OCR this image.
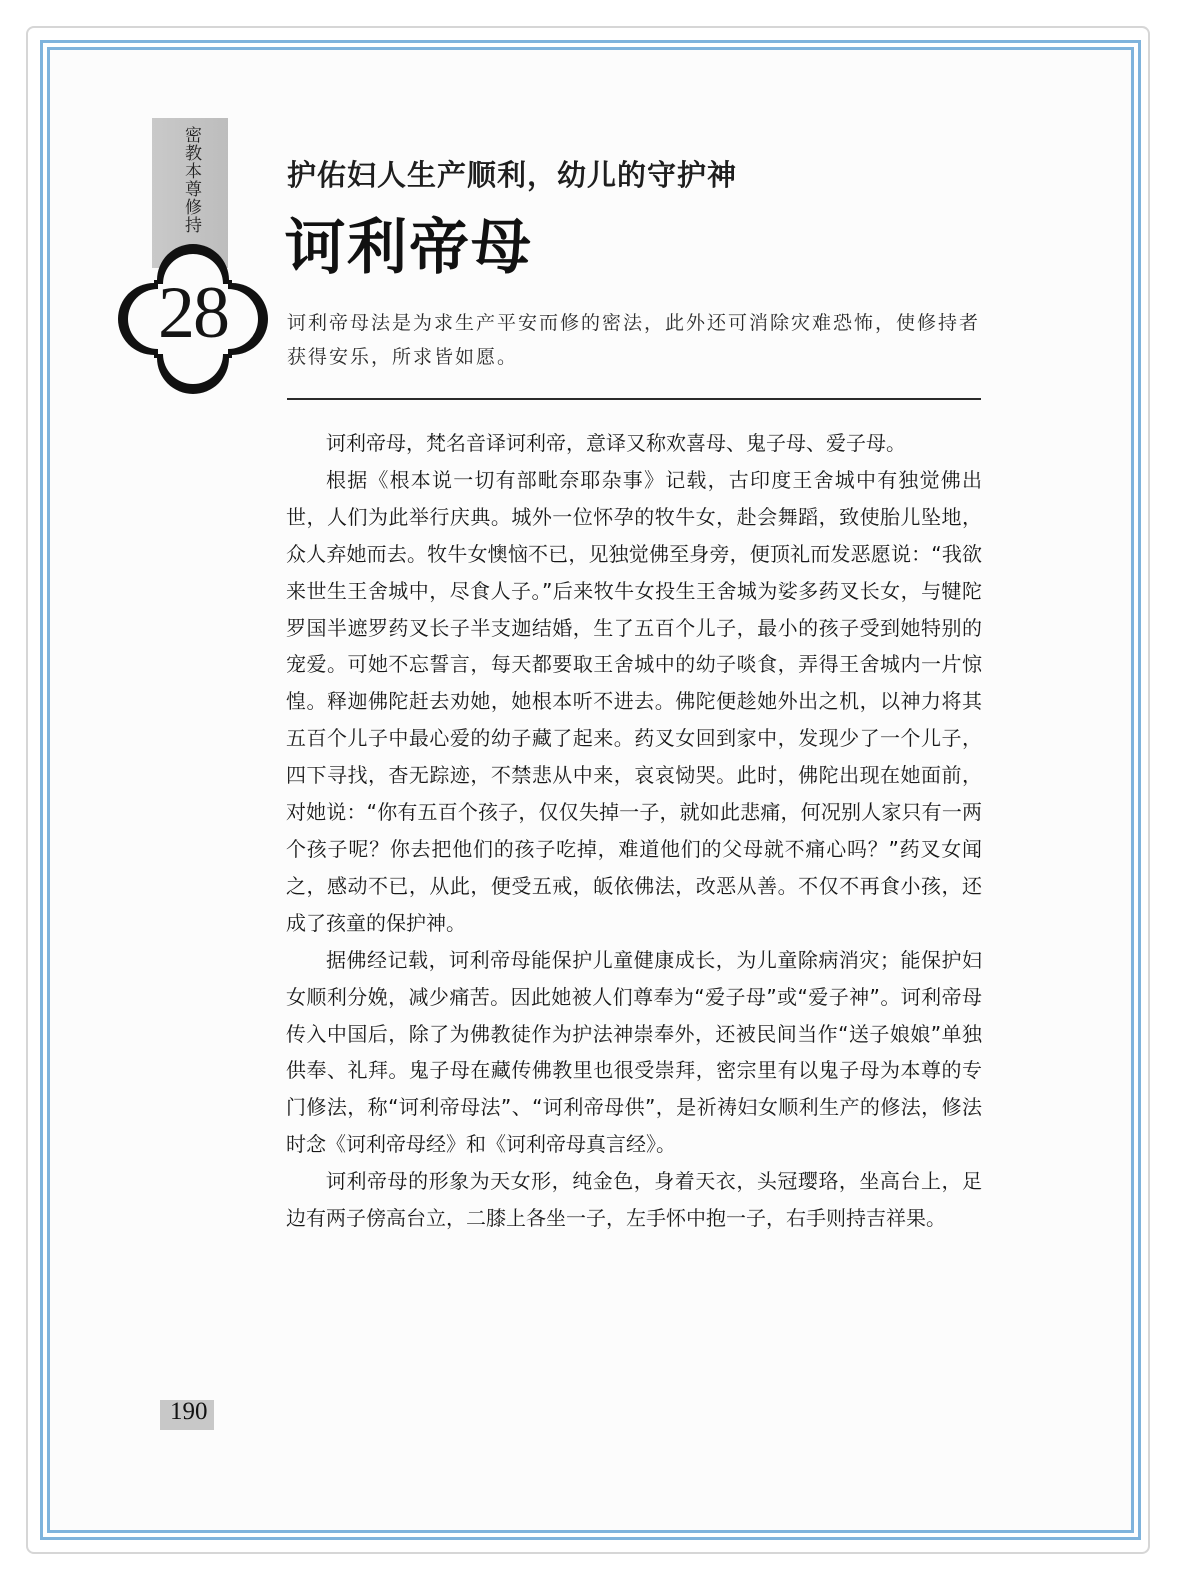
密教本尊修持
28
护佑妇人生产顺利，幼儿的守护神
诃利帝母
诃利帝母法是为求生产平安而修的密法，此外还可消除灾难恐怖，使修持者获得安乐，所求皆如愿。

诃利帝母，梵名音译诃利帝，意译又称欢喜母、鬼子母、爱子母。

根据《根本说一切有部毗奈耶杂事》记载，古印度王舍城中有独觉佛出世，人们为此举行庆典。城外一位怀孕的牧牛女，赴会舞蹈，致使胎儿坠地，众人弃她而去。牧牛女懊恼不已，见独觉佛至身旁，便顶礼而发恶愿说：“我欲来世生王舍城中，尽食人子。”后来牧牛女投生王舍城为娑多药叉长女，与犍陀罗国半遮罗药叉长子半支迦结婚，生了五百个儿子，最小的孩子受到她特别的宠爱。可她不忘誓言，每天都要取王舍城中的幼子啖食，弄得王舍城内一片惊惶。释迦佛陀赶去劝她，她根本听不进去。佛陀便趁她外出之机，以神力将其五百个儿子中最心爱的幼子藏了起来。药叉女回到家中，发现少了一个儿子，四下寻找，杳无踪迹，不禁悲从中来，哀哀恸哭。此时，佛陀出现在她面前，对她说：“你有五百个孩子，仅仅失掉一子，就如此悲痛，何况别人家只有一两个孩子呢？你去把他们的孩子吃掉，难道他们的父母就不痛心吗？”药叉女闻之，感动不已，从此，便受五戒，皈依佛法，改恶从善。不仅不再食小孩，还成了孩童的保护神。

据佛经记载，诃利帝母能保护儿童健康成长，为儿童除病消灾；能保护妇女顺利分娩，减少痛苦。因此她被人们尊奉为“爱子母”或“爱子神”。诃利帝母传入中国后，除了为佛教徒作为护法神崇奉外，还被民间当作“送子娘娘”单独供奉、礼拜。鬼子母在藏传佛教里也很受崇拜，密宗里有以鬼子母为本尊的专门修法，称“诃利帝母法”、“诃利帝母供”，是祈祷妇女顺利生产的修法，修法时念《诃利帝母经》和《诃利帝母真言经》。

诃利帝母的形象为天女形，纯金色，身着天衣，头冠璎珞，坐高台上，足边有两子傍高台立，二膝上各坐一子，左手怀中抱一子，右手则持吉祥果。

190
